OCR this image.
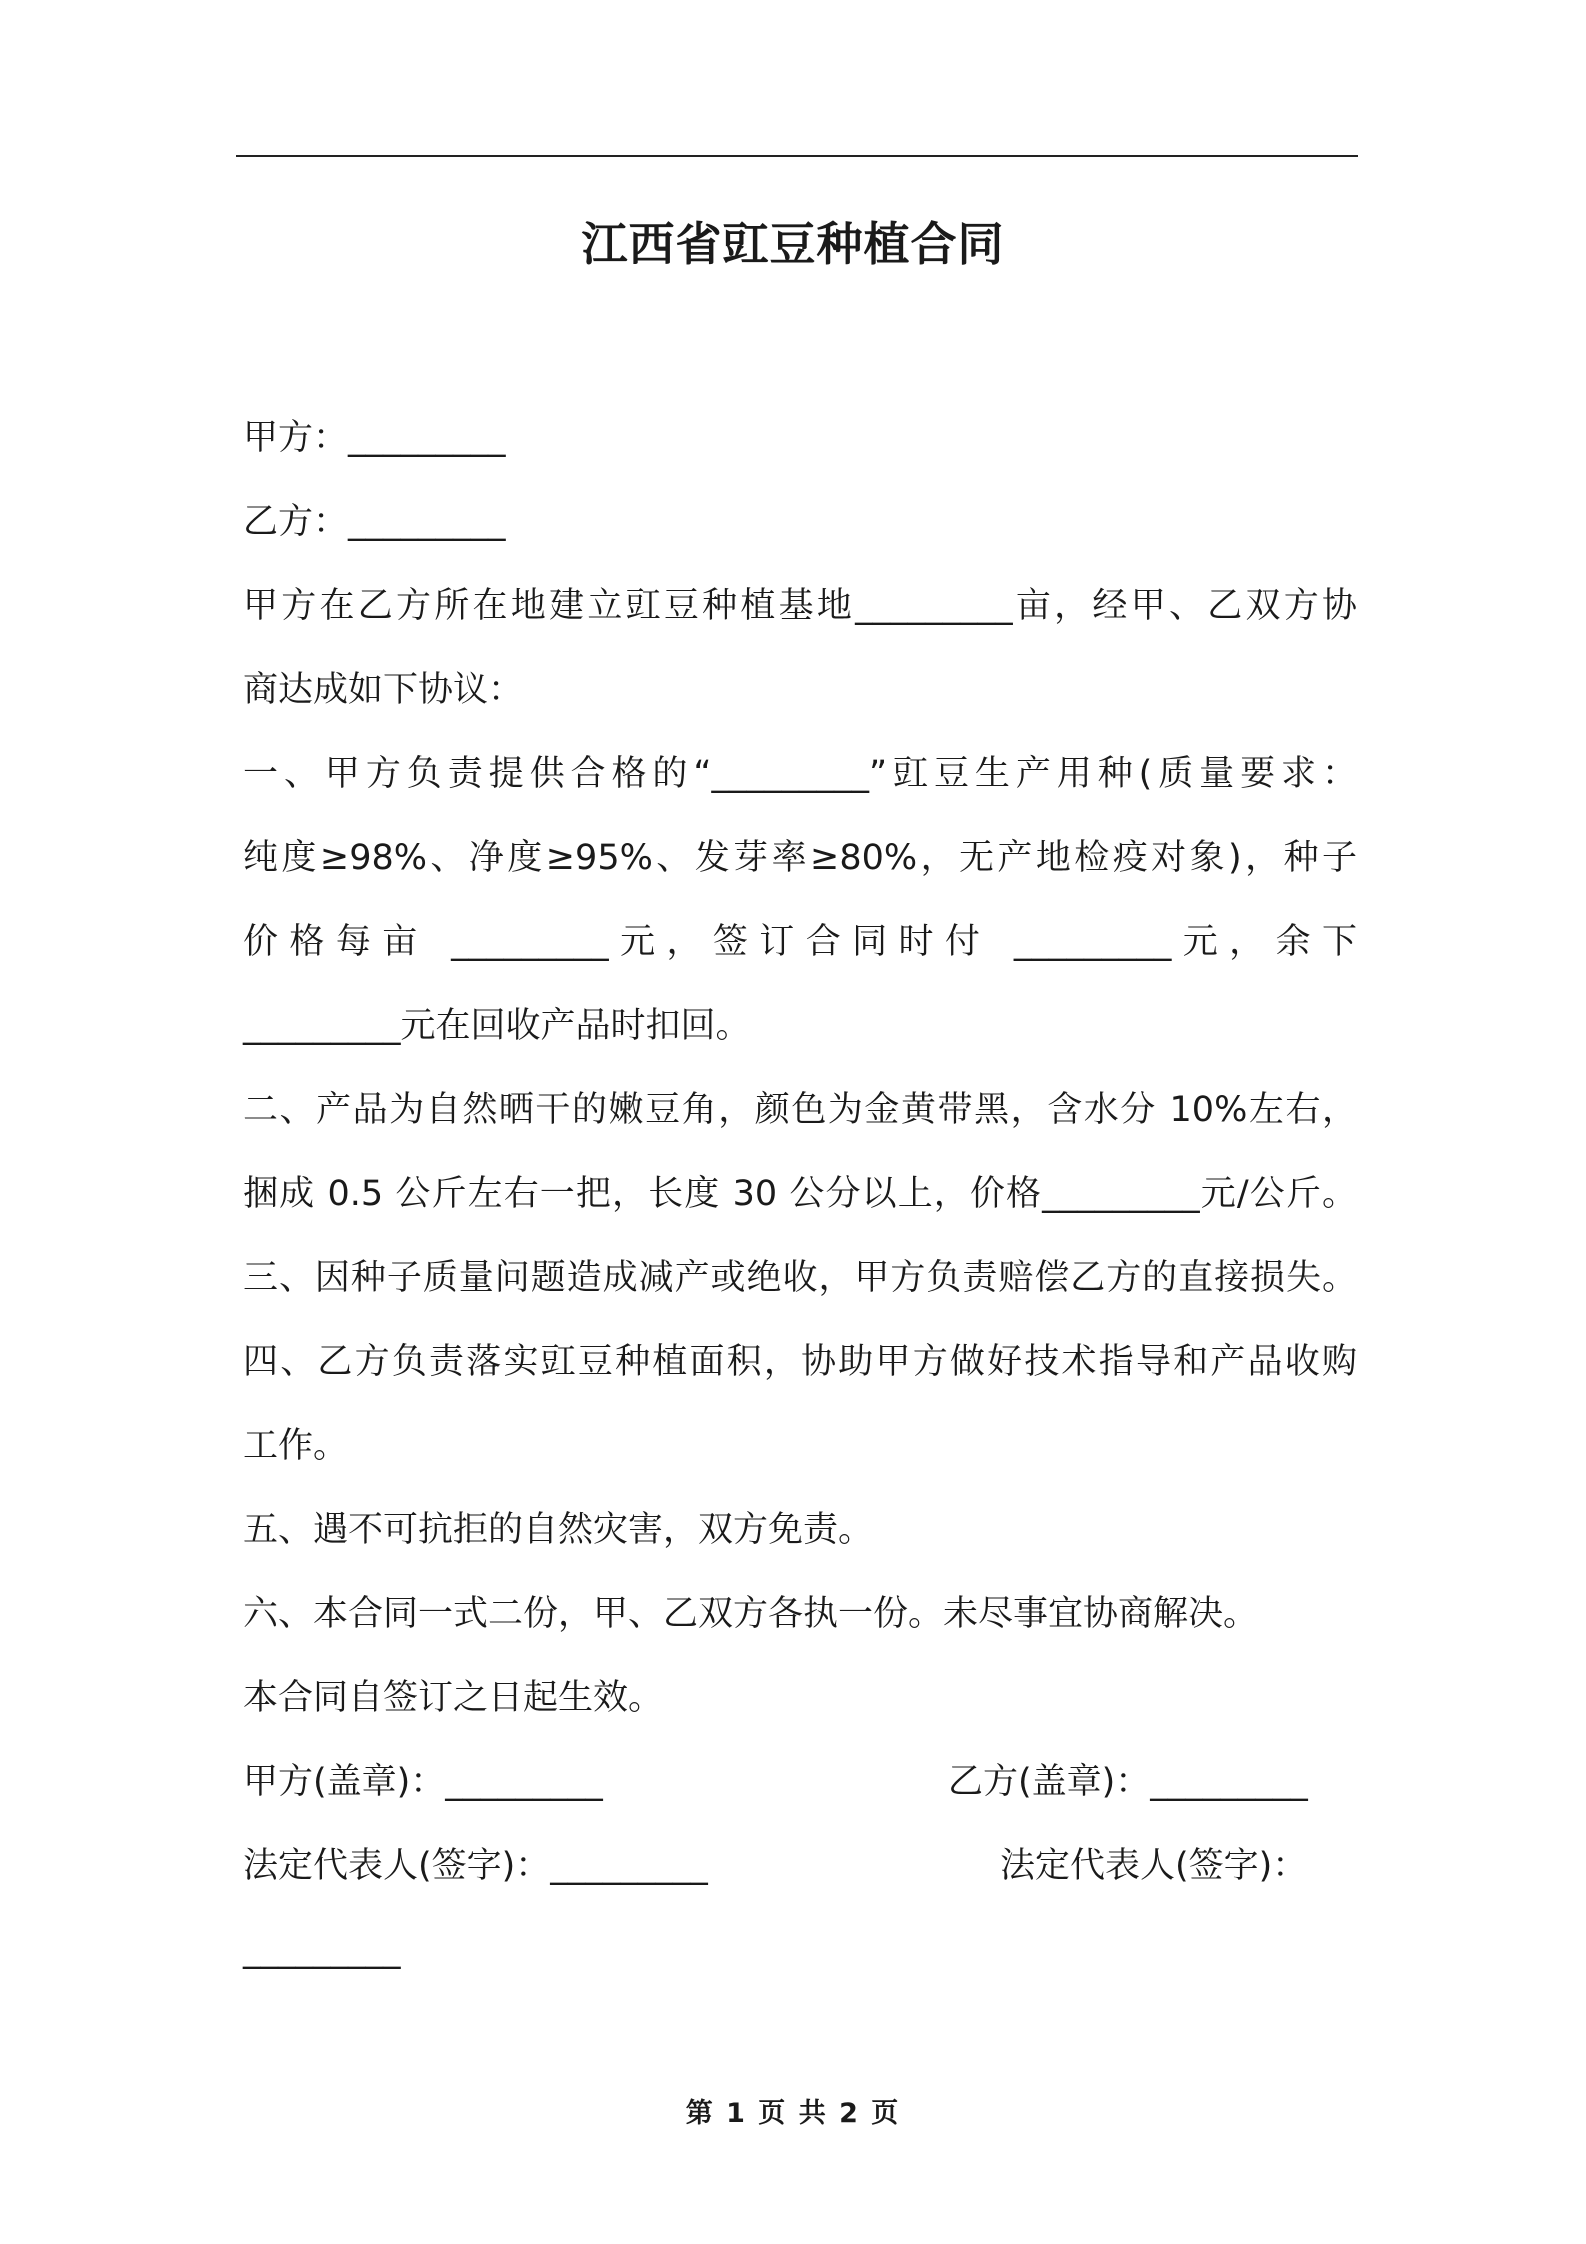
江西省豇豆种植合同
甲方：_________
乙方：_________
甲方在乙方所在地建立豇豆种植基地_________亩，经甲、乙双方协
商达成如下协议：
一、甲方负责提供合格的“_________”豇豆生产用种(质量要求：
纯度≥98%、净度≥95%、发芽率≥80%，无产地检疫对象)，种子
价格每亩 _________元，签订合同时付 _________元，余下
_________元在回收产品时扣回。
二、产品为自然晒干的嫩豆角，颜色为金黄带黑，含水分 10%左右，
捆成 0.5 公斤左右一把，长度 30 公分以上，价格_________元/公斤。
三、因种子质量问题造成减产或绝收，甲方负责赔偿乙方的直接损失。
四、乙方负责落实豇豆种植面积，协助甲方做好技术指导和产品收购
工作。
五、遇不可抗拒的自然灾害，双方免责。
六、本合同一式二份，甲、乙双方各执一份。未尽事宜协商解决。
本合同自签订之日起生效。
甲方(盖章)：_________	乙方(盖章)：_________
法定代表人(签字)：_________	法定代表人(签字)：
_________
第 1 页 共 2 页
